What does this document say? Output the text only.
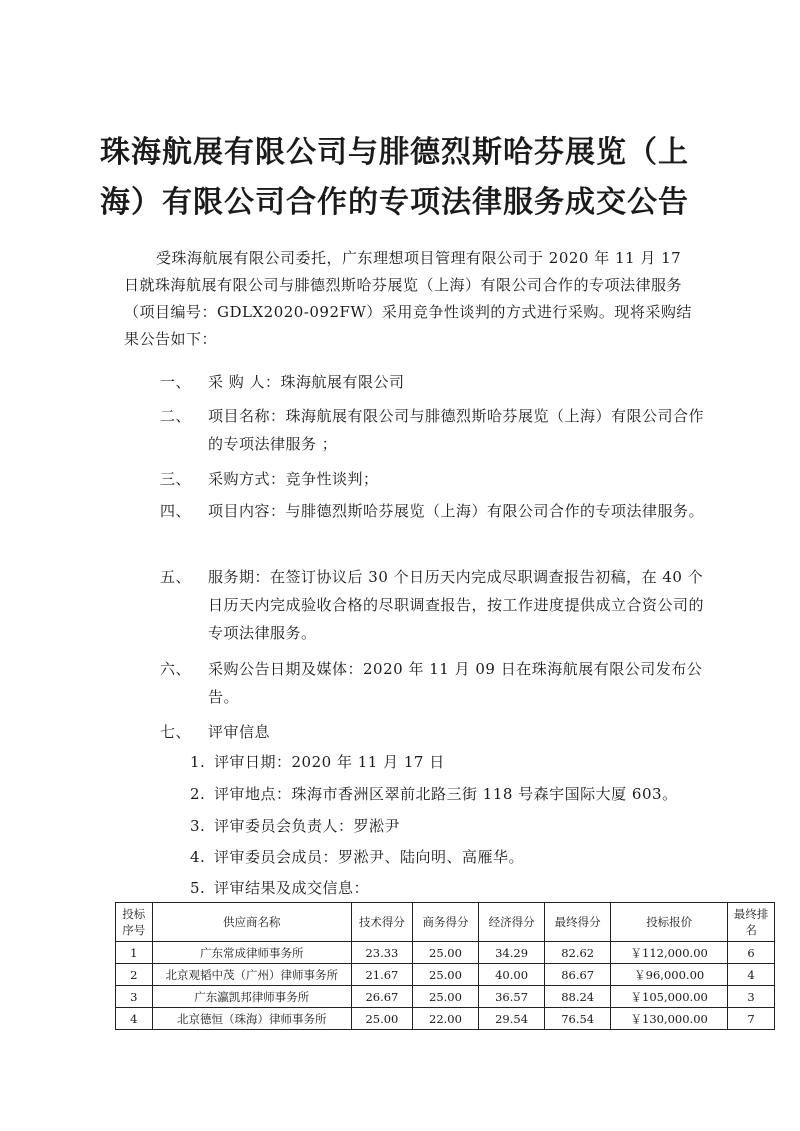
珠海航展有限公司与腓德烈斯哈芬展览（上海）有限公司合作的专项法律服务成交公告

受珠海航展有限公司委托，广东理想项目管理有限公司于 2020 年 11 月 17 日就珠海航展有限公司与腓德烈斯哈芬展览（上海）有限公司合作的专项法律服务 （项目编号：GDLX2020-092FW）采用竞争性谈判的方式进行采购。现将采购结果公告如下：

一、	采 购 人：珠海航展有限公司
二、	项目名称：珠海航展有限公司与腓德烈斯哈芬展览（上海）有限公司合作的专项法律服务 ；
三、	采购方式：竞争性谈判；
四、	项目内容：与腓德烈斯哈芬展览（上海）有限公司合作的专项法律服务。
五、	服务期：在签订协议后 30 个日历天内完成尽职调查报告初稿，在 40 个日历天内完成验收合格的尽职调查报告，按工作进度提供成立合资公司的专项法律服务。
六、	采购公告日期及媒体：2020 年 11 月 09 日在珠海航展有限公司发布公告。
七、	评审信息
1. 评审日期：2020 年 11 月 17 日
2. 评审地点：珠海市香洲区翠前北路三街 118 号森宇国际大厦 603。
3. 评审委员会负责人：罗淞尹
4. 评审委员会成员：罗淞尹、陆向明、高雁华。
5. 评审结果及成交信息：
投标序号	供应商名称	技术得分	商务得分	经济得分	最终得分	投标报价	最终排名
1	广东常成律师事务所	23.33	25.00	34.29	82.62	￥112,000.00	6
2	北京观韬中茂（广州）律师事务所	21.67	25.00	40.00	86.67	￥96,000.00	4
3	广东瀛凯邦律师事务所	26.67	25.00	36.57	88.24	￥105,000.00	3
4	北京德恒（珠海）律师事务所	25.00	22.00	29.54	76.54	￥130,000.00	7
